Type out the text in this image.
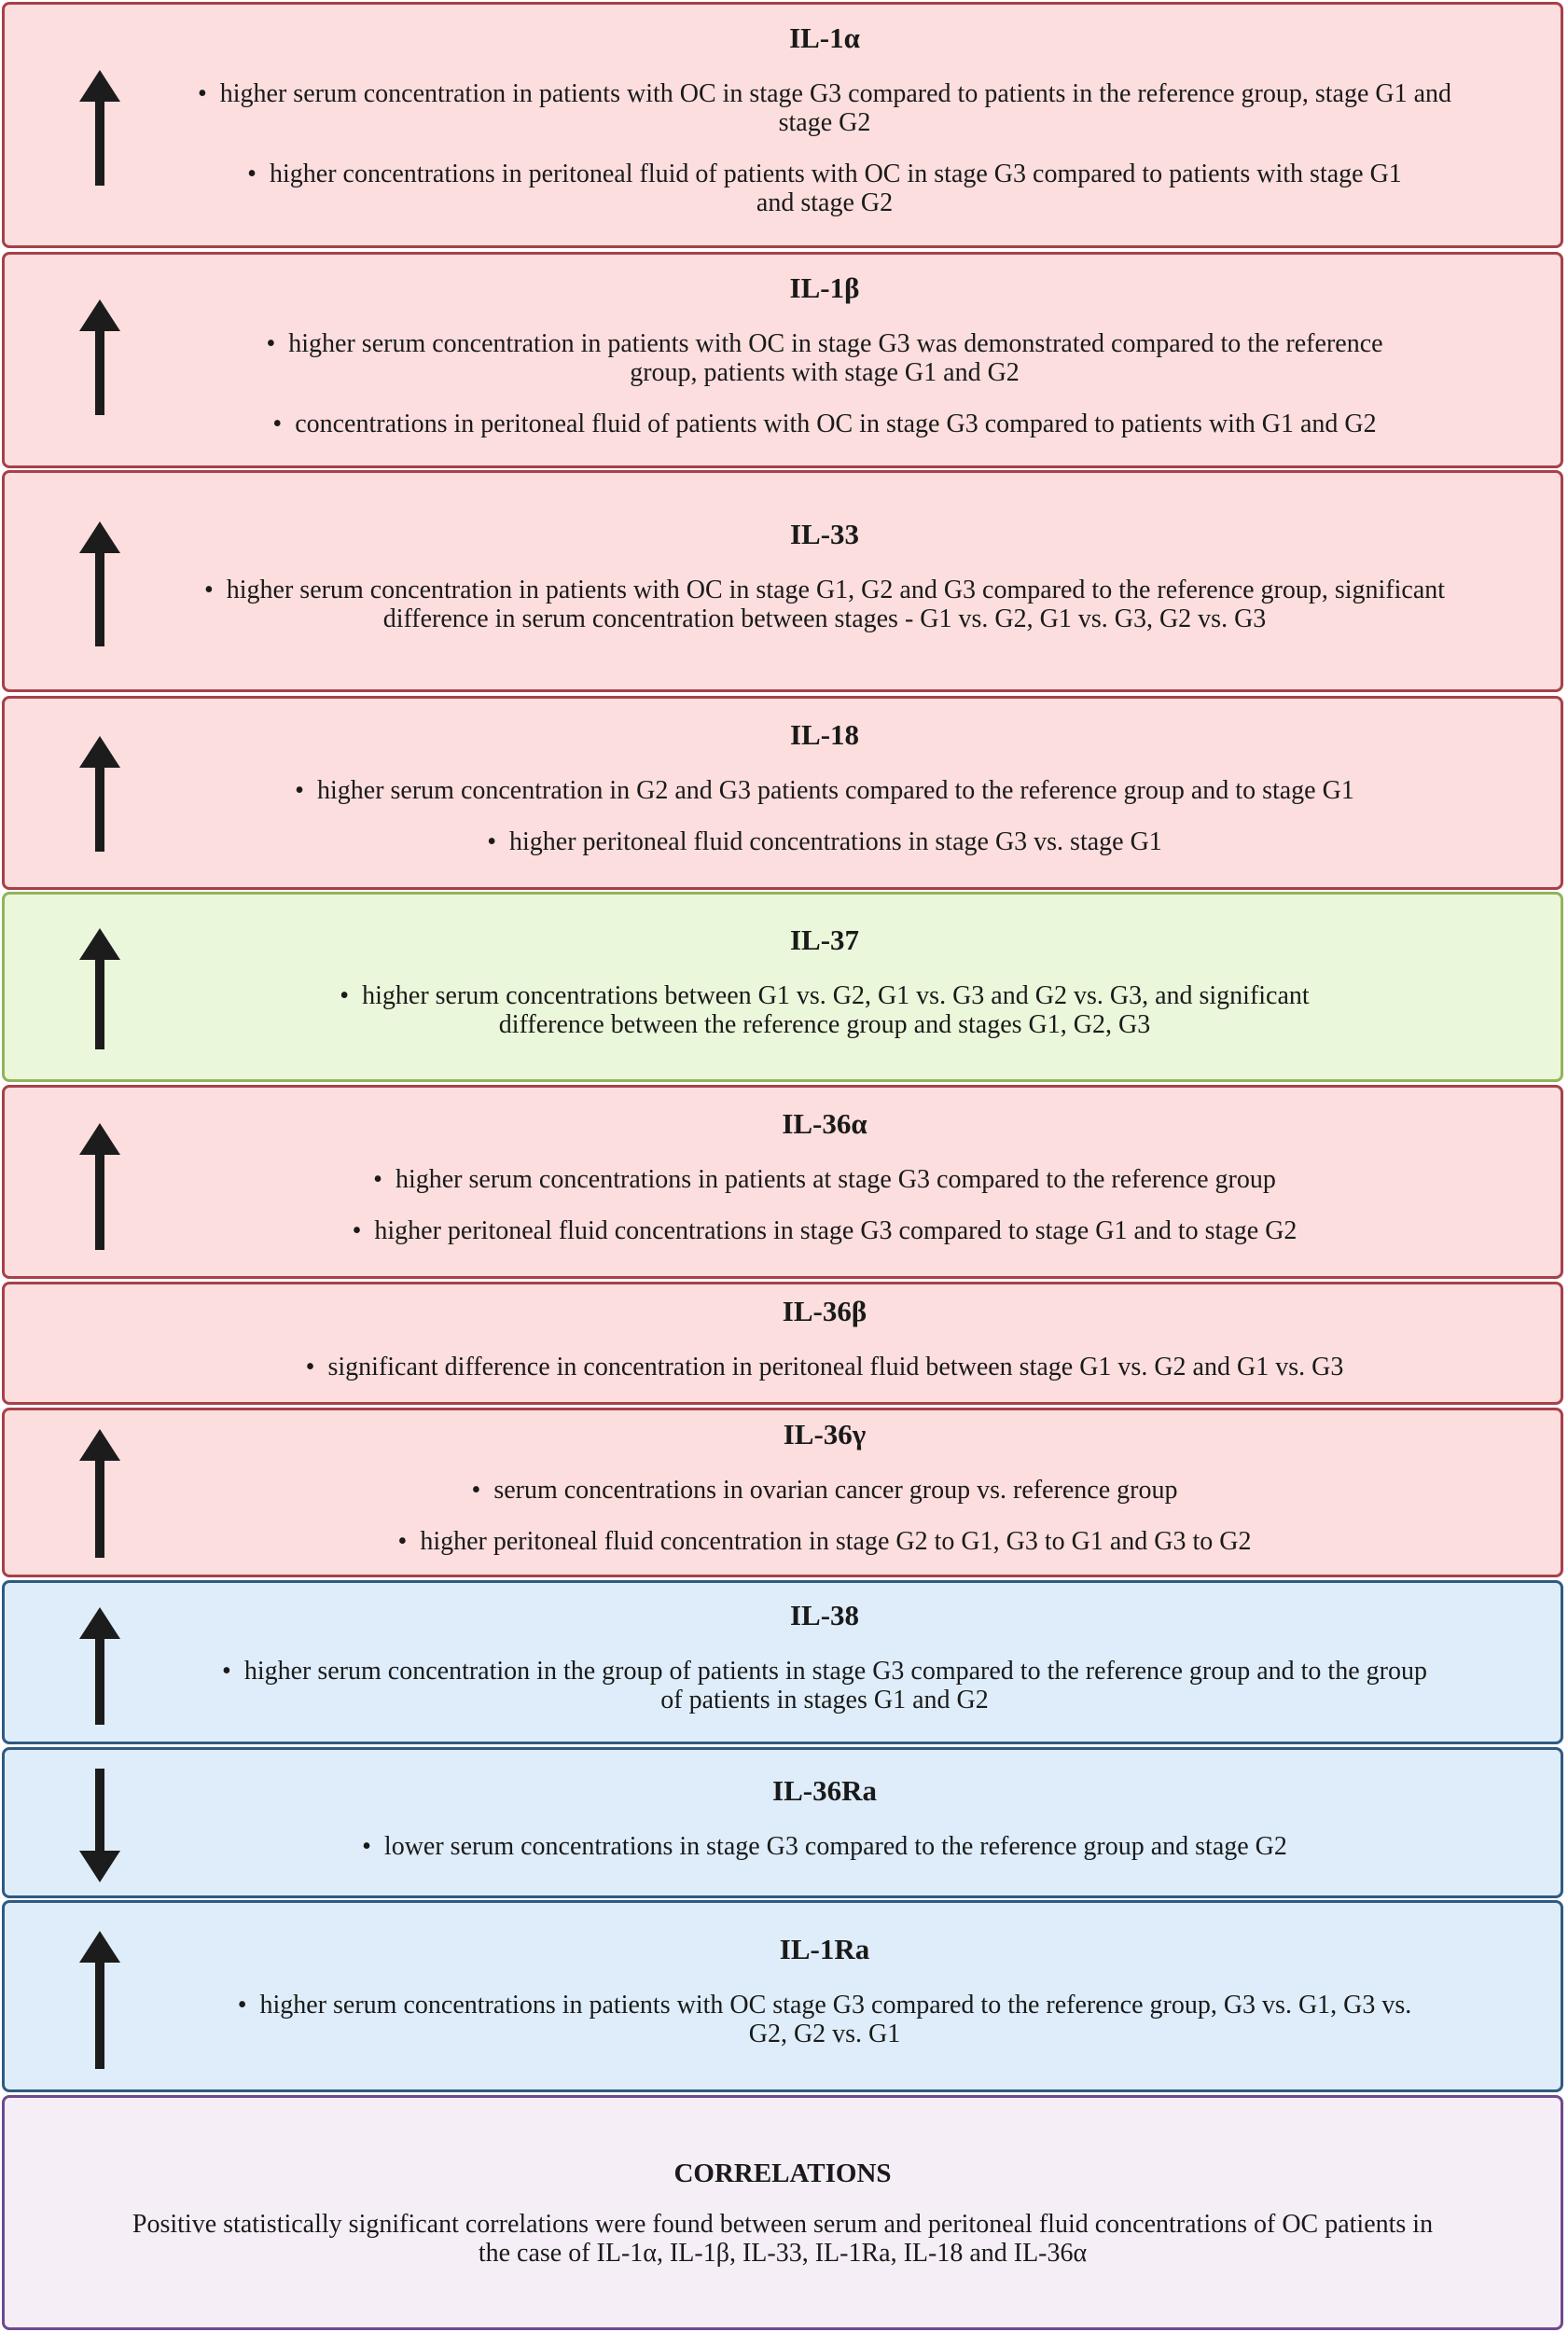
IL-1α
• higher serum concentration in patients with OC in stage G3 compared to patients in the reference group, stage G1 and stage G2
• higher concentrations in peritoneal fluid of patients with OC in stage G3 compared to patients with stage G1 and stage G2
IL-1β
• higher serum concentration in patients with OC in stage G3 was demonstrated compared to the reference group, patients with stage G1 and G2
• concentrations in peritoneal fluid of patients with OC in stage G3 compared to patients with G1 and G2
IL-33
• higher serum concentration in patients with OC in stage G1, G2 and G3 compared to the reference group, significant difference in serum concentration between stages - G1 vs. G2, G1 vs. G3, G2 vs. G3
IL-18
• higher serum concentration in G2 and G3 patients compared to the reference group and to stage G1
• higher peritoneal fluid concentrations in stage G3 vs. stage G1
IL-37
• higher serum concentrations between G1 vs. G2, G1 vs. G3 and G2 vs. G3, and significant difference between the reference group and stages G1, G2, G3
IL-36α
• higher serum concentrations in patients at stage G3 compared to the reference group
• higher peritoneal fluid concentrations in stage G3 compared to stage G1 and to stage G2
IL-36β
• significant difference in concentration in peritoneal fluid between stage G1 vs. G2 and G1 vs. G3
IL-36γ
• serum concentrations in ovarian cancer group vs. reference group
• higher peritoneal fluid concentration in stage G2 to G1, G3 to G1 and G3 to G2
IL-38
• higher serum concentration in the group of patients in stage G3 compared to the reference group and to the group of patients in stages G1 and G2
IL-36Ra
• lower serum concentrations in stage G3 compared to the reference group and stage G2
IL-1Ra
• higher serum concentrations in patients with OC stage G3 compared to the reference group, G3 vs. G1, G3 vs. G2, G2 vs. G1
CORRELATIONS
Positive statistically significant correlations were found between serum and peritoneal fluid concentrations of OC patients in the case of IL-1α, IL-1β, IL-33, IL-1Ra, IL-18 and IL-36α
